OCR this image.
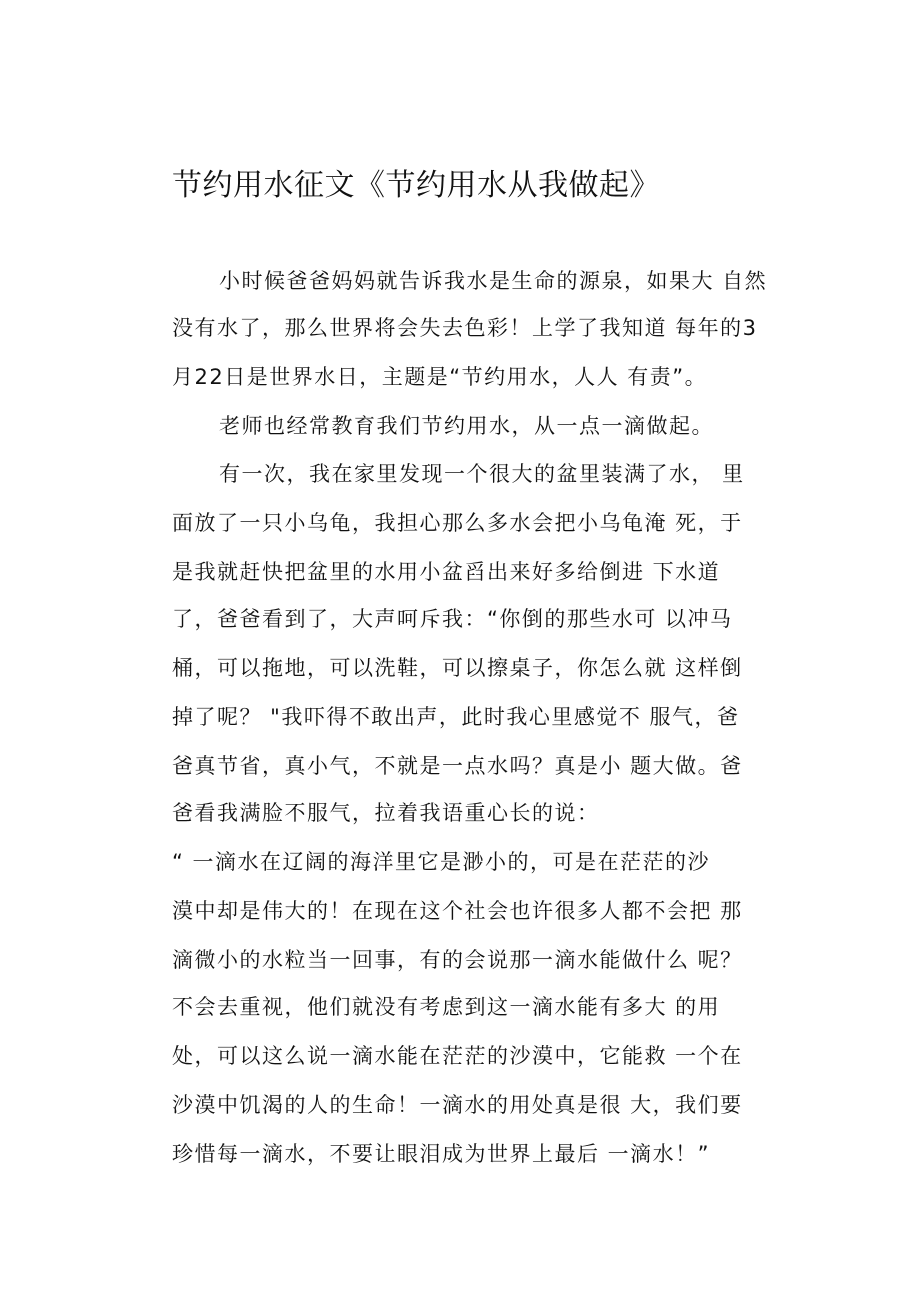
节约用水征文《节约用水从我做起》
小时候爸爸妈妈就告诉我水是生命的源泉，如果大 自然
没有水了，那么世界将会失去色彩！上学了我知道 每年的3
月22日是世界水日，主题是“节约用水，人人 有责”。
老师也经常教育我们节约用水，从一点一滴做起。
有一次，我在家里发现一个很大的盆里装满了水， 里
面放了一只小乌龟，我担心那么多水会把小乌龟淹 死，于
是我就赶快把盆里的水用小盆舀出来好多给倒进 下水道
了，爸爸看到了，大声呵斥我：“你倒的那些水可 以冲马
桶，可以拖地，可以洗鞋，可以擦桌子，你怎么就 这样倒
掉了呢？ "我吓得不敢出声，此时我心里感觉不 服气，爸
爸真节省，真小气，不就是一点水吗？真是小 题大做。爸
爸看我满脸不服气，拉着我语重心长的说：
“ 一滴水在辽阔的海洋里它是渺小的，可是在茫茫的沙
漠中却是伟大的！在现在这个社会也许很多人都不会把 那
滴微小的水粒当一回事，有的会说那一滴水能做什么 呢？
不会去重视，他们就没有考虑到这一滴水能有多大 的用
处，可以这么说一滴水能在茫茫的沙漠中，它能救 一个在
沙漠中饥渴的人的生命！一滴水的用处真是很 大，我们要
珍惜每一滴水，不要让眼泪成为世界上最后 一滴水！”
